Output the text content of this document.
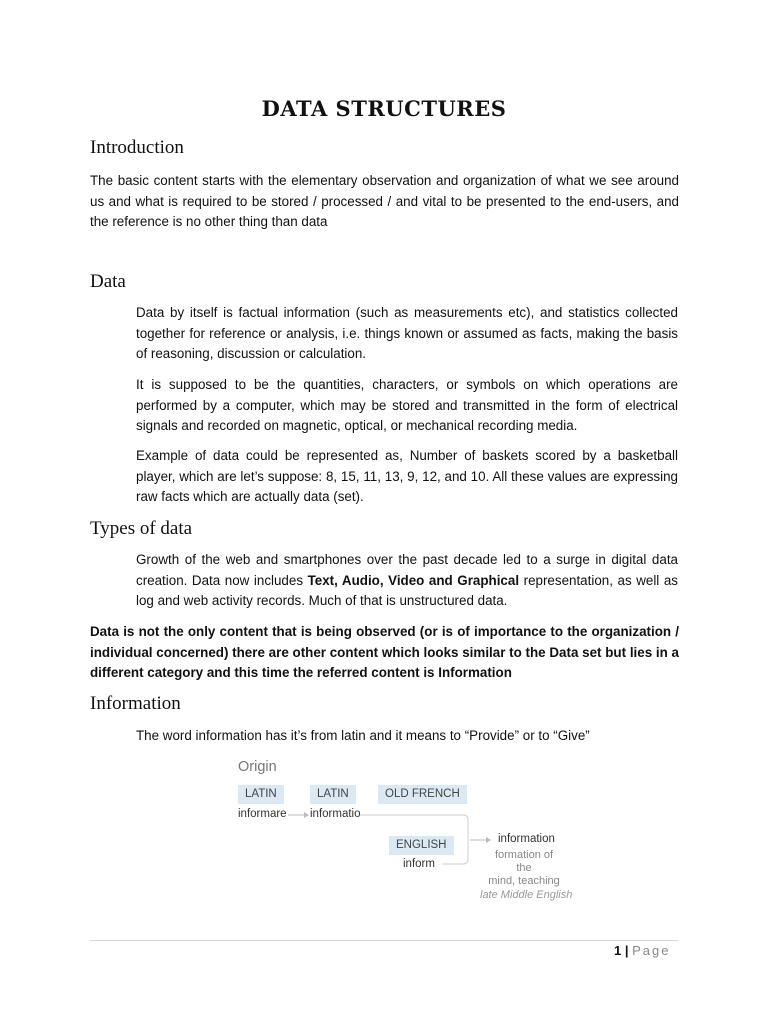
DATA STRUCTURES
Introduction
The basic content starts with the elementary observation and organization of what we see around us and what is required to be stored / processed / and vital to be presented to the end-users, and the reference is no other thing than data
Data
Data by itself is factual information (such as measurements etc), and statistics collected together for reference or analysis, i.e. things known or assumed as facts, making the basis of reasoning, discussion or calculation.
It is supposed to be the quantities, characters, or symbols on which operations are performed by a computer, which may be stored and transmitted in the form of electrical signals and recorded on magnetic, optical, or mechanical recording media.
Example of data could be represented as, Number of baskets scored by a basketball player, which are let’s suppose: 8, 15, 11, 13, 9, 12, and 10. All these values are expressing raw facts which are actually data (set).
Types of data
Growth of the web and smartphones over the past decade led to a surge in digital data creation. Data now includes Text, Audio, Video and Graphical representation, as well as log and web activity records. Much of that is unstructured data.
Data is not the only content that is being observed (or is of importance to the organization / individual concerned) there are other content which looks similar to the Data set but lies in a different category and this time the referred content is Information
Information
The word information has it’s from latin and it means to “Provide” or to “Give”
Origin
LATIN
informare
LATIN
informatio
OLD FRENCH
ENGLISH
inform
information
formation of the
mind, teaching
late Middle English
1 | Page
